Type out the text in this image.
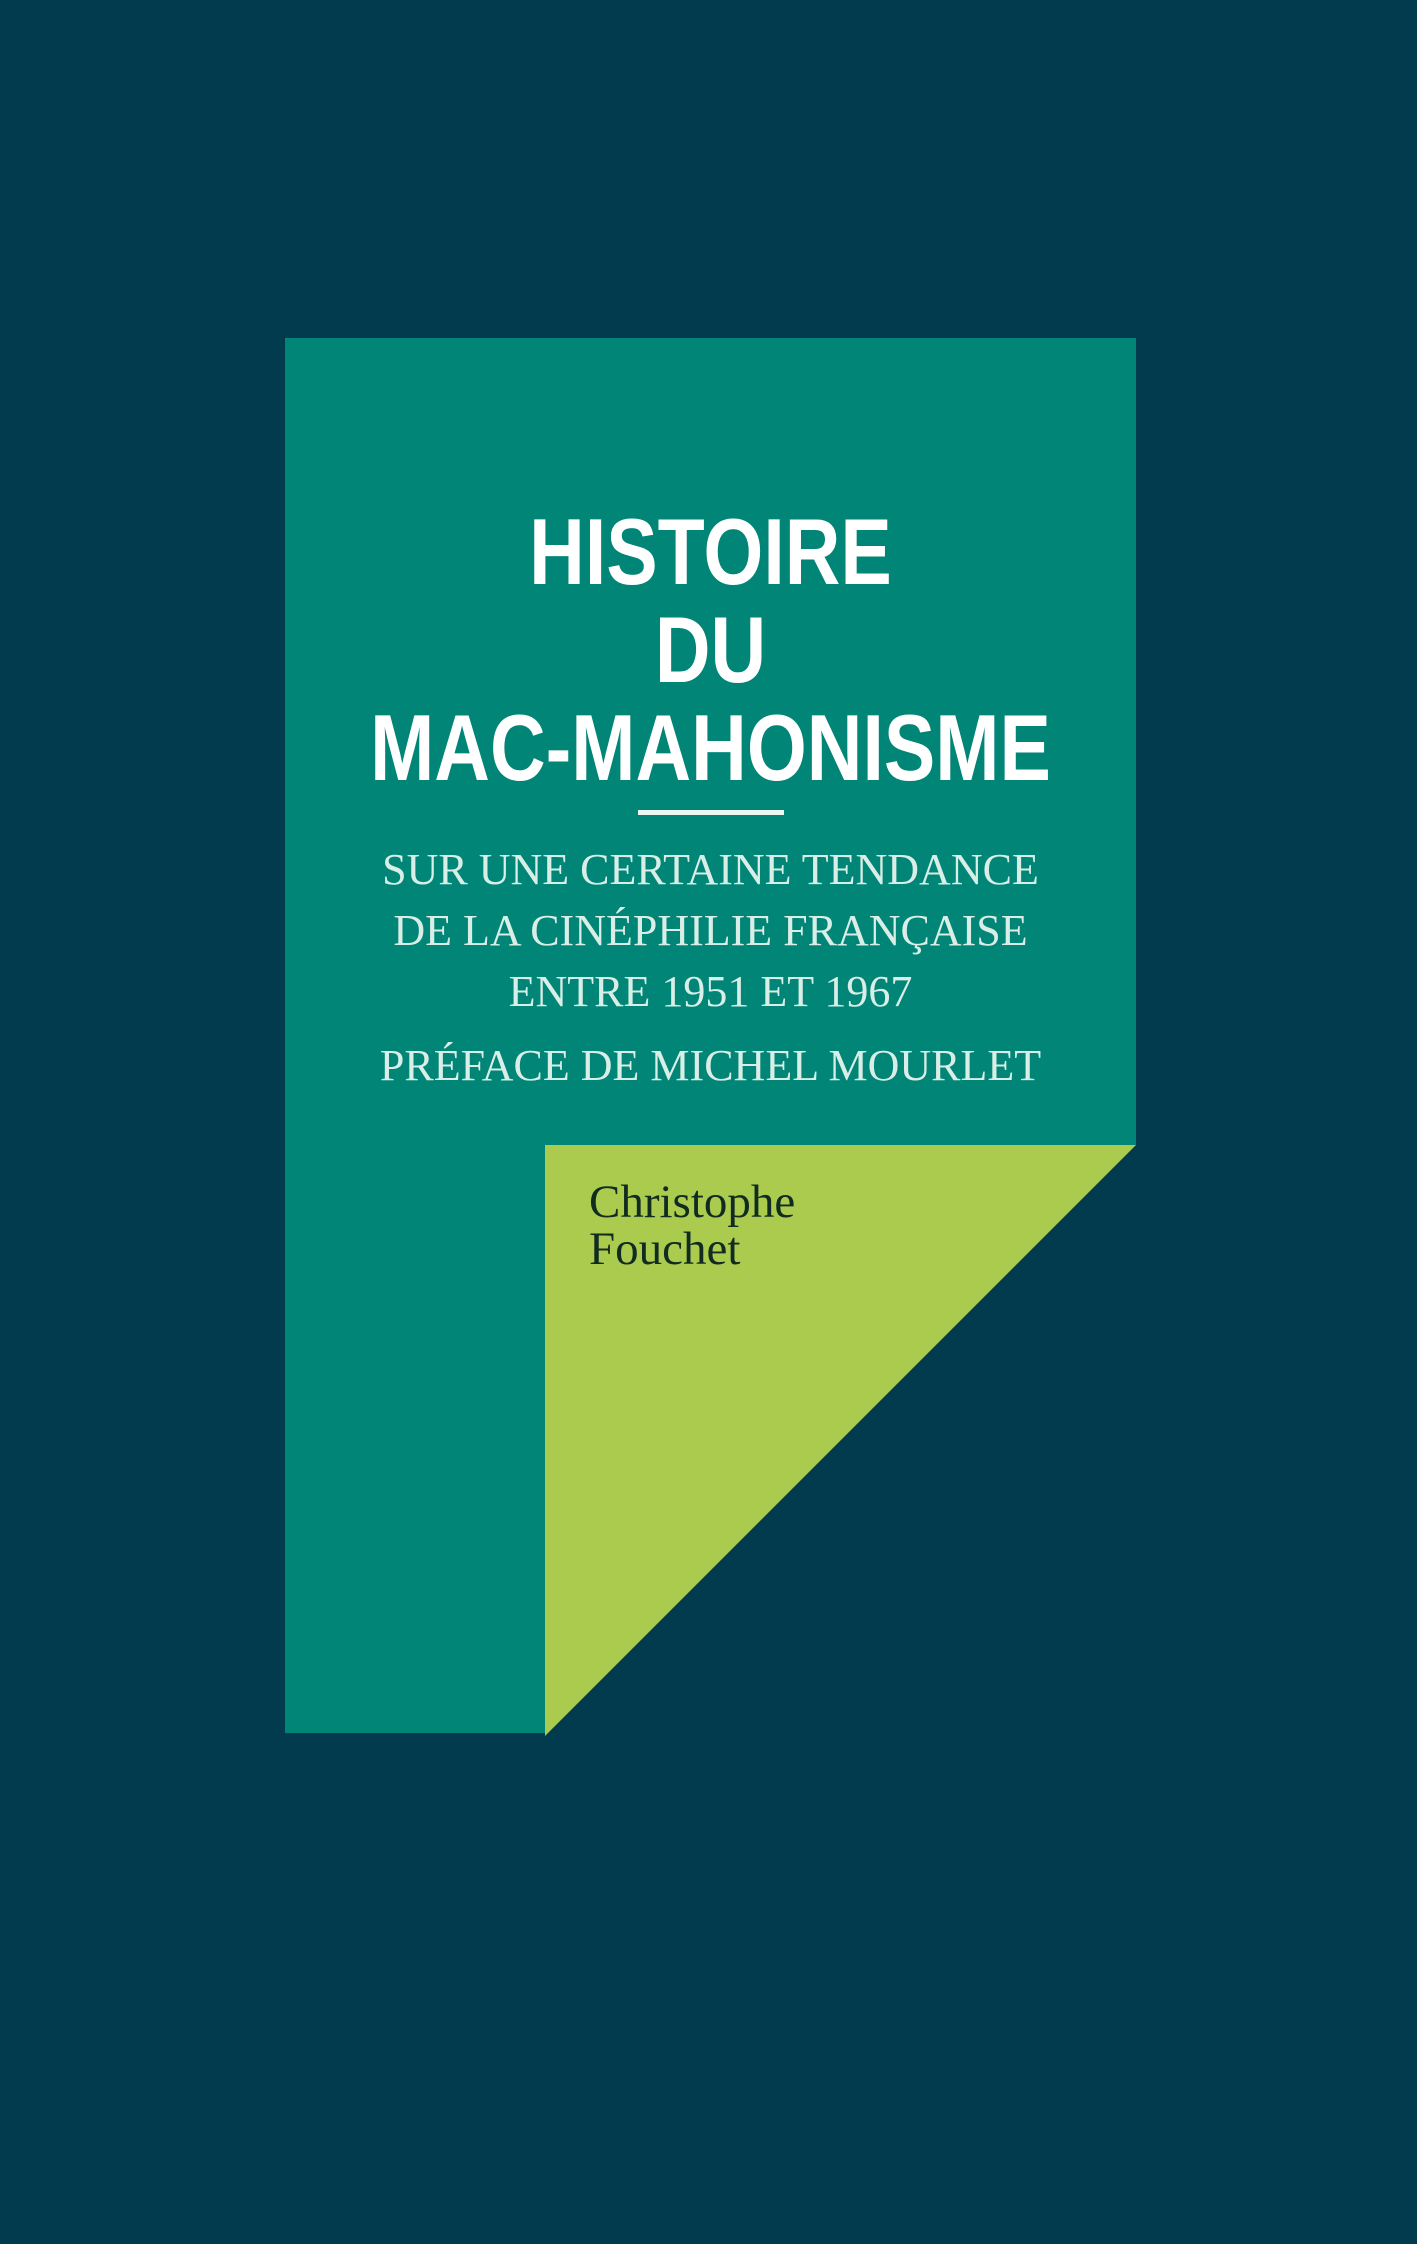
HISTOIRE
DU
MAC-MAHONISME
SUR UNE CERTAINE TENDANCE
DE LA CINÉPHILIE FRANÇAISE
ENTRE 1951 ET 1967
PRÉFACE DE MICHEL MOURLET
Christophe
Fouchet
